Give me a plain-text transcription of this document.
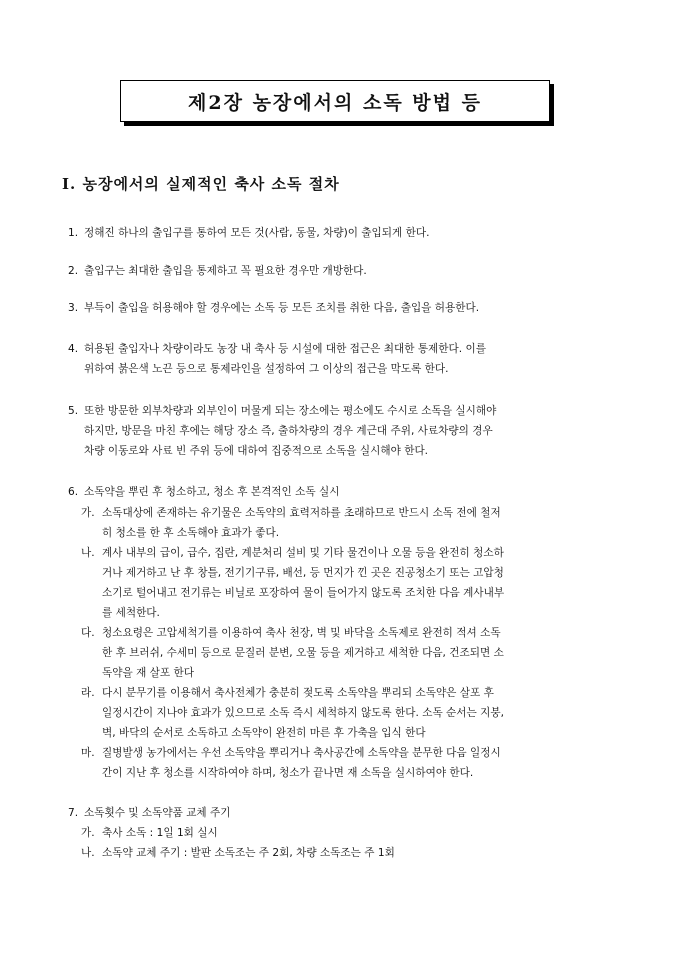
제2장 농장에서의 소독 방법 등
Ⅰ. 농장에서의 실제적인 축사 소독 절차
1. 정해진 하나의 출입구를 통하여 모든 것(사람, 동물, 차량)이 출입되게 한다.
2. 출입구는 최대한 출입을 통제하고 꼭 필요한 경우만 개방한다.
3. 부득이 출입을 허용해야 할 경우에는 소독 등 모든 조치를 취한 다음, 출입을 허용한다.
4. 허용된 출입자나 차량이라도 농장 내 축사 등 시설에 대한 접근은 최대한 통제한다. 이를
위하여 붉은색 노끈 등으로 통제라인을 설정하여 그 이상의 접근을 막도록 한다.
5. 또한 방문한 외부차량과 외부인이 머물게 되는 장소에는 평소에도 수시로 소독을 실시해야
하지만, 방문을 마친 후에는 해당 장소 즉, 출하차량의 경우 계근대 주위, 사료차량의 경우
차량 이동로와 사료 빈 주위 등에 대하여 집중적으로 소독을 실시해야 한다.
6. 소독약을 뿌린 후 청소하고, 청소 후 본격적인 소독 실시
가. 소독대상에 존재하는 유기물은 소독약의 효력저하를 초래하므로 반드시 소독 전에 철저
히 청소를 한 후 소독해야 효과가 좋다.
나. 계사 내부의 급이, 급수, 집란, 계분처리 설비 및 기타 물건이나 오물 등을 완전히 청소하
거나 제거하고 난 후 창틀, 전기기구류, 배선, 등 먼지가 낀 곳은 진공청소기 또는 고압청
소기로 털어내고 전기류는 비닐로 포장하여 물이 들어가지 않도록 조치한 다음 계사내부
를 세척한다.
다. 청소요령은 고압세척기를 이용하여 축사 천장, 벽 및 바닥을 소독제로 완전히 적셔 소독
한 후 브러쉬, 수세미 등으로 문질러 분변, 오물 등을 제거하고 세척한 다음, 건조되면 소
독약을 재 살포 한다
라. 다시 분무기를 이용해서 축사전체가 충분히 젖도록 소독약을 뿌리되 소독약은 살포 후
일정시간이 지나야 효과가 있으므로 소독 즉시 세척하지 않도록 한다. 소독 순서는 지붕,
벽, 바닥의 순서로 소독하고 소독약이 완전히 마른 후 가축을 입식 한다
마. 질병발생 농가에서는 우선 소독약을 뿌리거나 축사공간에 소독약을 분무한 다음 일정시
간이 지난 후 청소를 시작하여야 하며, 청소가 끝나면 재 소독을 실시하여야 한다.
7. 소독횟수 및 소독약품 교체 주기
가. 축사 소독 : 1일 1회 실시
나. 소독약 교체 주기 : 발판 소독조는 주 2회, 차량 소독조는 주 1회
